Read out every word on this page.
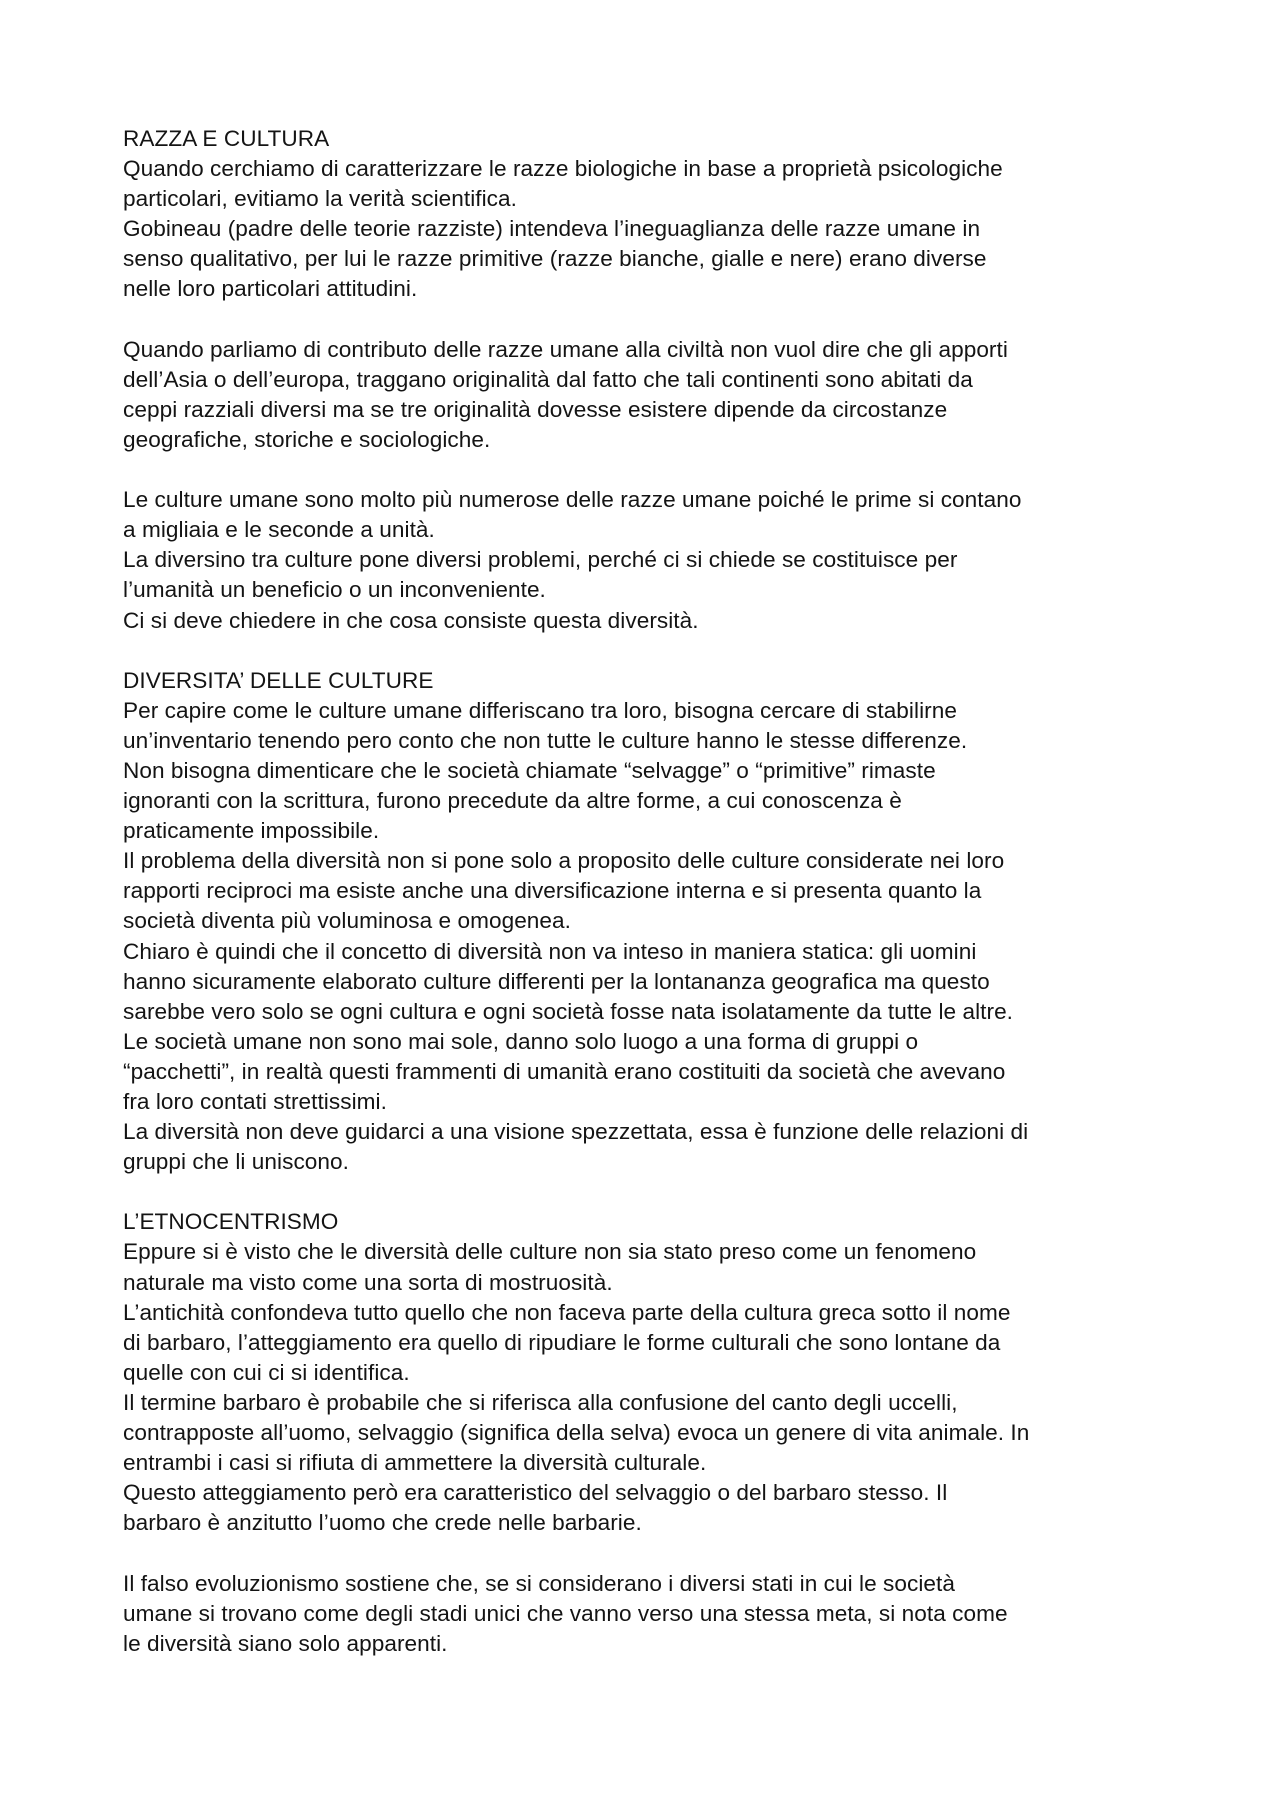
RAZZA E CULTURA
Quando cerchiamo di caratterizzare le razze biologiche in base a proprietà psicologiche
particolari, evitiamo la verità scientifica.
Gobineau (padre delle teorie razziste) intendeva l’ineguaglianza delle razze umane in
senso qualitativo, per lui le razze primitive (razze bianche, gialle e nere) erano diverse
nelle loro particolari attitudini.
Quando parliamo di contributo delle razze umane alla civiltà non vuol dire che gli apporti
dell’Asia o dell’europa, traggano originalità dal fatto che tali continenti sono abitati da
ceppi razziali diversi ma se tre originalità dovesse esistere dipende da circostanze
geografiche, storiche e sociologiche.
Le culture umane sono molto più numerose delle razze umane poiché le prime si contano
a migliaia e le seconde a unità.
La diversino tra culture pone diversi problemi, perché ci si chiede se costituisce per
l’umanità un beneficio o un inconveniente.
Ci si deve chiedere in che cosa consiste questa diversità.
DIVERSITA’ DELLE CULTURE
Per capire come le culture umane differiscano tra loro, bisogna cercare di stabilirne
un’inventario tenendo pero conto che non tutte le culture hanno le stesse differenze.
Non bisogna dimenticare che le società chiamate “selvagge” o “primitive” rimaste
ignoranti con la scrittura, furono precedute da altre forme, a cui conoscenza è
praticamente impossibile.
Il problema della diversità non si pone solo a proposito delle culture considerate nei loro
rapporti reciproci ma esiste anche una diversificazione interna e si presenta quanto la
società diventa più voluminosa e omogenea.
Chiaro è quindi che il concetto di diversità non va inteso in maniera statica: gli uomini
hanno sicuramente elaborato culture differenti per la lontananza geografica ma questo
sarebbe vero solo se ogni cultura e ogni società fosse nata isolatamente da tutte le altre.
Le società umane non sono mai sole, danno solo luogo a una forma di gruppi o
“pacchetti”, in realtà questi frammenti di umanità erano costituiti da società che avevano
fra loro contati strettissimi.
La diversità non deve guidarci a una visione spezzettata, essa è funzione delle relazioni di
gruppi che li uniscono.
L’ETNOCENTRISMO
Eppure si è visto che le diversità delle culture non sia stato preso come un fenomeno
naturale ma visto come una sorta di mostruosità.
L’antichità confondeva tutto quello che non faceva parte della cultura greca sotto il nome
di barbaro, l’atteggiamento era quello di ripudiare le forme culturali che sono lontane da
quelle con cui ci si identifica.
Il termine barbaro è probabile che si riferisca alla confusione del canto degli uccelli,
contrapposte all’uomo, selvaggio (significa della selva) evoca un genere di vita animale. In
entrambi i casi si rifiuta di ammettere la diversità culturale.
Questo atteggiamento però era caratteristico del selvaggio o del barbaro stesso. Il
barbaro è anzitutto l’uomo che crede nelle barbarie.
Il falso evoluzionismo sostiene che, se si considerano i diversi stati in cui le società
umane si trovano come degli stadi unici che vanno verso una stessa meta, si nota come
le diversità siano solo apparenti.
